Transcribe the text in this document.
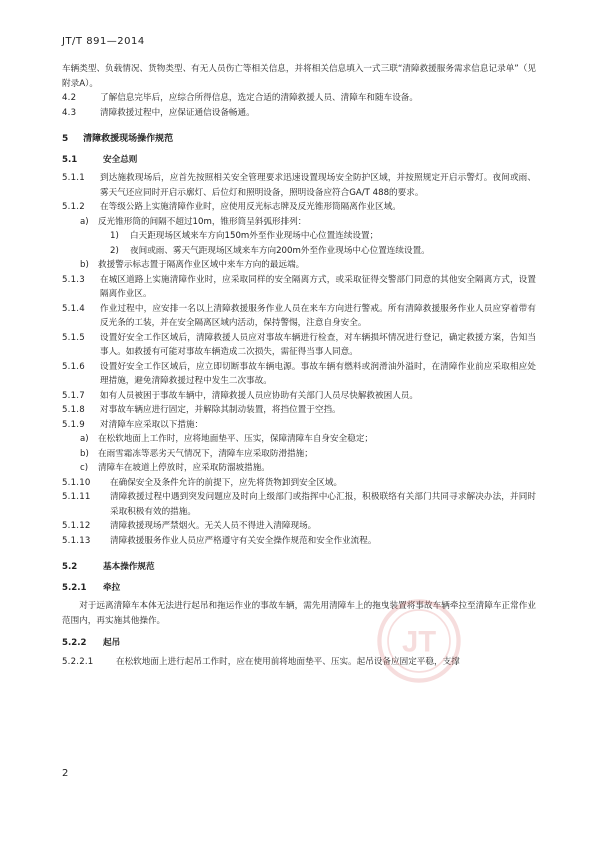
JT/T 891—2014

车辆类型、负载情况、货物类型、有无人员伤亡等相关信息，并将相关信息填入一式三联“清障救援服务需求信息记录单”（见附录A）。

4.2	了解信息完毕后，应综合所得信息，选定合适的清障救援人员、清障车和随车设备。
4.3	清障救援过程中，应保证通信设备畅通。
5 清障救援现场操作规范
5.1	安全总则
5.1.1	到达施救现场后，应首先按照相关安全管理要求迅速设置现场安全防护区域，并按照规定开启示警灯。夜间或雨、雾天气还应同时开启示廓灯、后位灯和照明设备，照明设备应符合GA/T 488的要求。
5.1.2	在等级公路上实施清障作业时，应使用反光标志牌及反光锥形筒隔离作业区域。
a)	反光锥形筒的间隔不超过10m，锥形筒呈斜弧形排列：
1)	白天距现场区域来车方向150m外至作业现场中心位置连续设置；
2)	夜间或雨、雾天气距现场区域来车方向200m外至作业现场中心位置连续设置。
b)	救援警示标志置于隔离作业区域中来车方向的最远端。
5.1.3	在城区道路上实施清障作业时，应采取同样的安全隔离方式，或采取征得交警部门同意的其他安全隔离方式，设置隔离作业区。
5.1.4	作业过程中，应安排一名以上清障救援服务作业人员在来车方向进行警戒。所有清障救援服务作业人员应穿着带有反光条的工装，并在安全隔离区域内活动，保持警惕，注意自身安全。
5.1.5	设置好安全工作区域后，清障救援人员应对事故车辆进行检查，对车辆损坏情况进行登记，确定救援方案，告知当事人。如救援有可能对事故车辆造成二次损失，需征得当事人同意。
5.1.6	设置好安全工作区域后，应立即切断事故车辆电源。事故车辆有燃料或润滑油外溢时，在清障作业前应采取相应处理措施，避免清障救援过程中发生二次事故。
5.1.7	如有人员被困于事故车辆中，清障救援人员应协助有关部门人员尽快解救被困人员。
5.1.8	对事故车辆应进行固定，并解除其制动装置，将挡位置于空挡。
5.1.9	对清障车应采取以下措施：
a)	在松软地面上工作时，应将地面垫平、压实，保障清障车自身安全稳定；
b)	在雨雪霜冻等恶劣天气情况下，清障车应采取防滑措施；
c)	清障车在坡道上停放时，应采取防溜坡措施。
5.1.10	在确保安全及条件允许的前提下，应先将货物卸到安全区域。
5.1.11	清障救援过程中遇到突发问题应及时向上级部门或指挥中心汇报，积极联络有关部门共同寻求解决办法，并同时采取积极有效的措施。
5.1.12	清障救援现场严禁烟火。无关人员不得进入清障现场。
5.1.13	清障救援服务作业人员应严格遵守有关安全操作规范和安全作业流程。
5.2	基本操作规范
5.2.1 牵拉

对于远离清障车本体无法进行起吊和拖运作业的事故车辆，需先用清障车上的拖曳装置将事故车辆牵拉至清障车正常作业范围内，再实施其他操作。

5.2.2 起吊
5.2.2.1	在松软地面上进行起吊工作时，应在使用前将地面垫平、压实。起吊设备应固定平稳，支撑
JT
2
